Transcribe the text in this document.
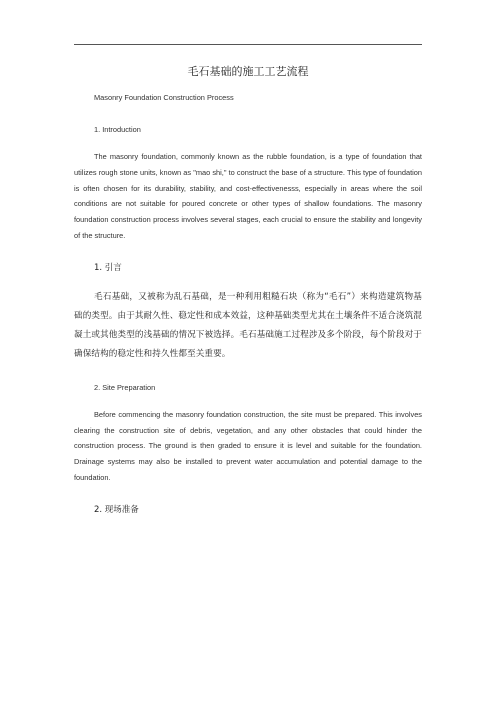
毛石基础的施工工艺流程
Masonry Foundation Construction Process
1. Introduction

The masonry foundation, commonly known as the rubble foundation, is a type of foundation that utilizes rough stone units, known as "mao shi," to construct the base of a structure. This type of foundation is often chosen for its durability, stability, and cost-effectivenesss, especially in areas where the soil conditions are not suitable for poured concrete or other types of shallow foundations. The masonry foundation construction process involves several stages, each crucial to ensure the stability and longevity of the structure.

1. 引言

毛石基础，又被称为乱石基础，是一种利用粗糙石块（称为“毛石”）来构造建筑物基础的类型。由于其耐久性、稳定性和成本效益，这种基础类型尤其在土壤条件不适合浇筑混凝土或其他类型的浅基础的情况下被选择。毛石基础施工过程涉及多个阶段，每个阶段对于确保结构的稳定性和持久性都至关重要。

2. Site Preparation

Before commencing the masonry foundation construction, the site must be prepared. This involves clearing the construction site of debris, vegetation, and any other obstacles that could hinder the construction process. The ground is then graded to ensure it is level and suitable for the foundation. Drainage systems may also be installed to prevent water accumulation and potential damage to the foundation.

2. 现场准备
